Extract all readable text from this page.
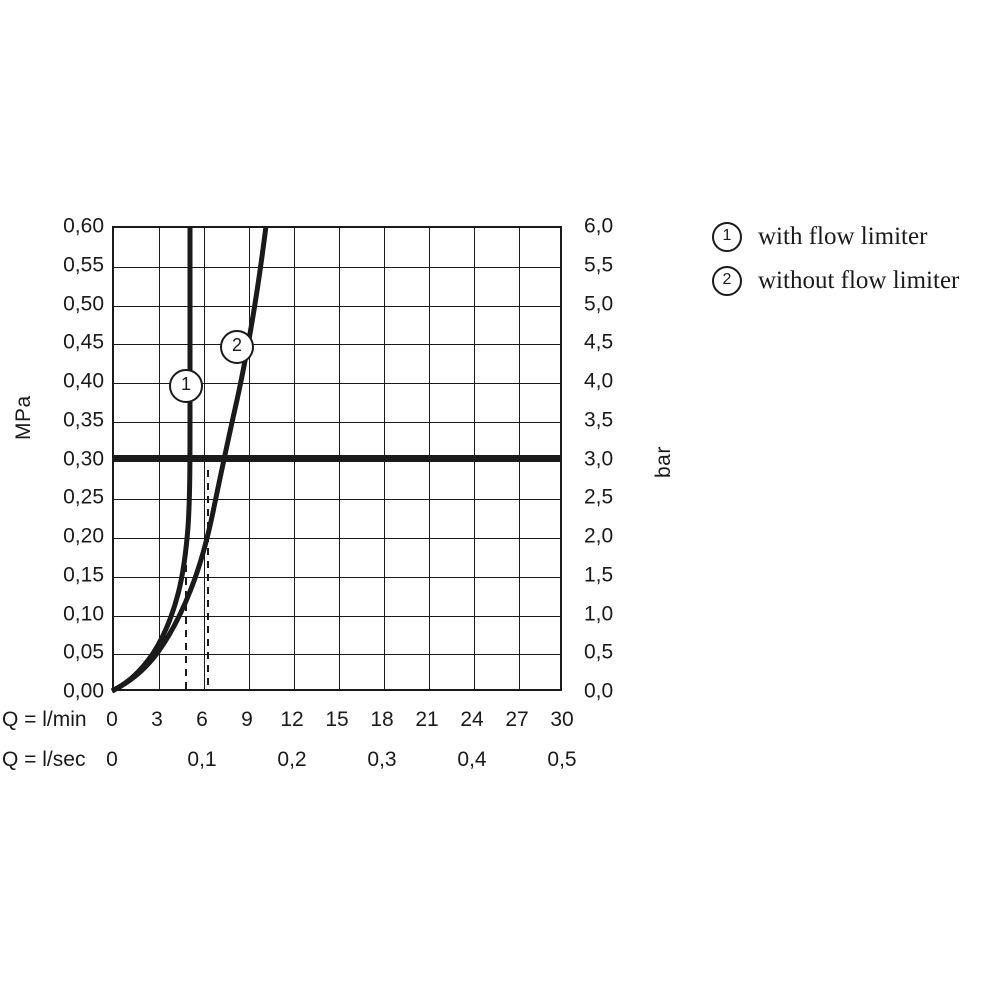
0,00
0,05
0,10
0,15
0,20
0,25
0,30
0,35
0,40
0,45
0,50
0,55
0,60
0,0
0,5
1,0
1,5
2,0
2,5
3,0
3,5
4,0
4,5
5,0
5,5
6,0
MPa
bar
1
2
Q = l/min 0 3 6 9 12 15 18 21 24 27 30
Q = l/sec 0	0,1	0,2	0,3	0,4	0,5
1	with flow limiter
2	without flow limiter
